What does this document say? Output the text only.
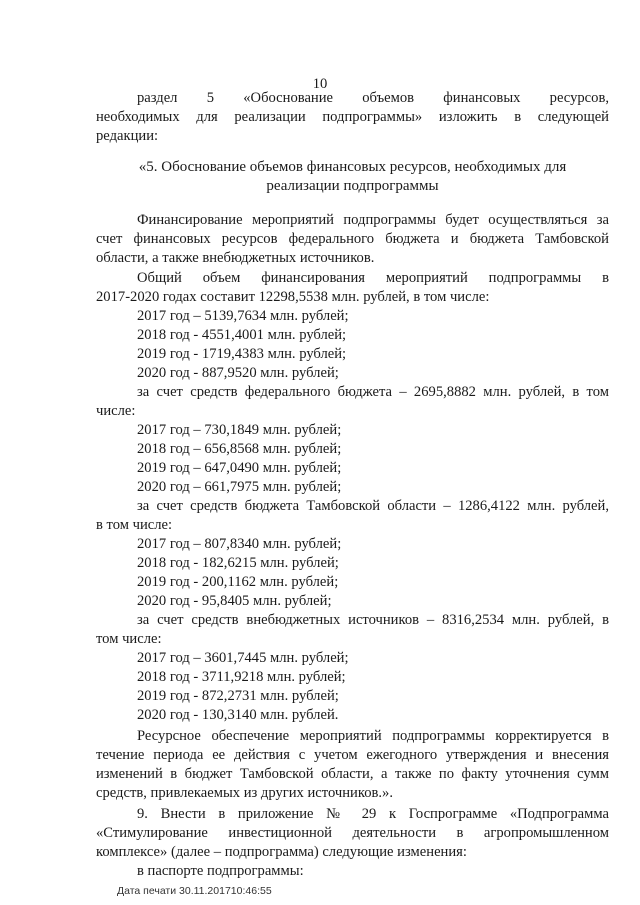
10
раздел 5 «Обоснование объемов финансовых ресурсов,
необходимых для реализации подпрограммы» изложить в следующей
редакции:
«5. Обоснование объемов финансовых ресурсов, необходимых для
реализации подпрограммы
Финансирование мероприятий подпрограммы будет осуществляться за
счет финансовых ресурсов федерального бюджета и бюджета Тамбовской
области, а также внебюджетных источников.
Общий объем финансирования мероприятий подпрограммы в
2017-2020 годах составит 12298,5538 млн. рублей, в том числе:
2017 год – 5139,7634 млн. рублей;
2018 год - 4551,4001 млн. рублей;
2019 год - 1719,4383 млн. рублей;
2020 год - 887,9520 млн. рублей;
за счет средств федерального бюджета – 2695,8882 млн. рублей, в том
числе:
2017 год – 730,1849 млн. рублей;
2018 год – 656,8568 млн. рублей;
2019 год – 647,0490 млн. рублей;
2020 год – 661,7975 млн. рублей;
за счет средств бюджета Тамбовской области – 1286,4122 млн. рублей,
в том числе:
2017 год – 807,8340 млн. рублей;
2018 год - 182,6215 млн. рублей;
2019 год - 200,1162 млн. рублей;
2020 год - 95,8405 млн. рублей;
за счет средств внебюджетных источников – 8316,2534 млн. рублей, в
том числе:
2017 год – 3601,7445 млн. рублей;
2018 год - 3711,9218 млн. рублей;
2019 год - 872,2731 млн. рублей;
2020 год - 130,3140 млн. рублей.
Ресурсное обеспечение мероприятий подпрограммы корректируется в
течение периода ее действия с учетом ежегодного утверждения и внесения
изменений в бюджет Тамбовской области, а также по факту уточнения сумм
средств, привлекаемых из других источников.».
9. Внести в приложение № 29 к Госпрограмме «Подпрограмма
«Стимулирование инвестиционной деятельности в агропромышленном
комплексе» (далее – подпрограмма) следующие изменения:
в паспорте подпрограммы:
Дата печати 30.11.201710:46:55
